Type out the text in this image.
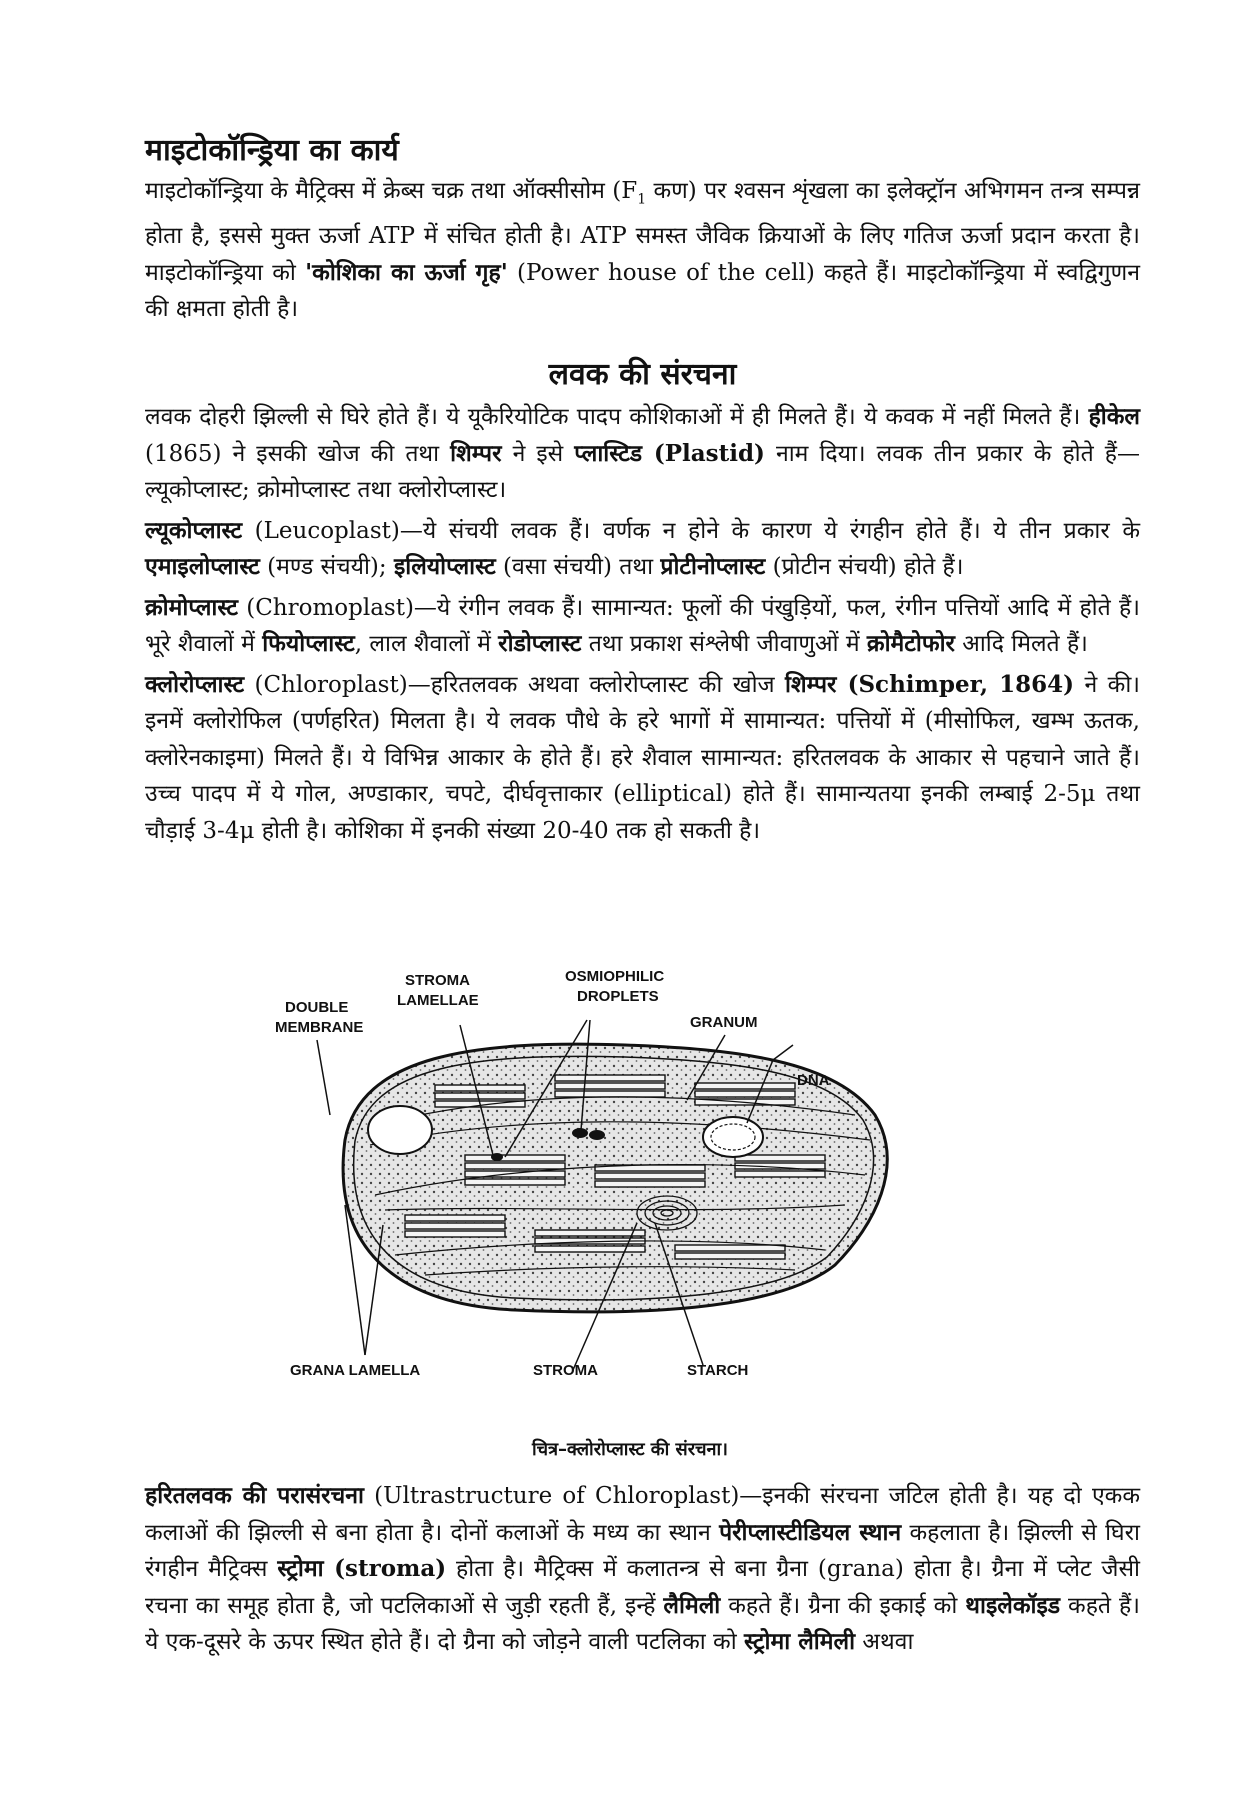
माइटोकॉन्ड्रिया का कार्य

माइटोकॉन्ड्रिया के मैट्रिक्स में क्रेब्स चक्र तथा ऑक्सीसोम ($F_1$ कण) पर श्वसन शृंखला का इलेक्ट्रॉन अभिगमन तन्त्र सम्पन्न होता है, इससे मुक्त ऊर्जा ATP में संचित होती है। ATP समस्त जैविक क्रियाओं के लिए गतिज ऊर्जा प्रदान करता है। माइटोकॉन्ड्रिया को 'कोशिका का ऊर्जा गृह' (Power house of the cell) कहते हैं। माइटोकॉन्ड्रिया में स्वद्विगुणन की क्षमता होती है।

लवक की संरचना

लवक दोहरी झिल्ली से घिरे होते हैं। ये यूकैरियोटिक पादप कोशिकाओं में ही मिलते हैं। ये कवक में नहीं मिलते हैं। हीकेल (1865) ने इसकी खोज की तथा शिम्पर ने इसे प्लास्टिड (Plastid) नाम दिया। लवक तीन प्रकार के होते हैं—ल्यूकोप्लास्ट; क्रोमोप्लास्ट तथा क्लोरोप्लास्ट।

ल्यूकोप्लास्ट (Leucoplast)—ये संचयी लवक हैं। वर्णक न होने के कारण ये रंगहीन होते हैं। ये तीन प्रकार के एमाइलोप्लास्ट (मण्ड संचयी); इलियोप्लास्ट (वसा संचयी) तथा प्रोटीनोप्लास्ट (प्रोटीन संचयी) होते हैं।

क्रोमोप्लास्ट (Chromoplast)—ये रंगीन लवक हैं। सामान्यत: फूलों की पंखुड़ियों, फल, रंगीन पत्तियों आदि में होते हैं। भूरे शैवालों में फियोप्लास्ट, लाल शैवालों में रोडोप्लास्ट तथा प्रकाश संश्लेषी जीवाणुओं में क्रोमैटोफोर आदि मिलते हैं।

क्लोरोप्लास्ट (Chloroplast)—हरितलवक अथवा क्लोरोप्लास्ट की खोज शिम्पर (Schimper, 1864) ने की। इनमें क्लोरोफिल (पर्णहरित) मिलता है। ये लवक पौधे के हरे भागों में सामान्यत: पत्तियों में (मीसोफिल, खम्भ ऊतक, क्लोरेनकाइमा) मिलते हैं। ये विभिन्न आकार के होते हैं। हरे शैवाल सामान्यत: हरितलवक के आकार से पहचाने जाते हैं। उच्च पादप में ये गोल, अण्डाकार, चपटे, दीर्घवृत्ताकार (elliptical) होते हैं। सामान्यतया इनकी लम्बाई 2-5μ तथा चौड़ाई 3-4μ होती है। कोशिका में इनकी संख्या 20-40 तक हो सकती है।

STROMA
LAMELLAE
OSMIOPHILIC
DROPLETS
DOUBLE
MEMBRANE	GRANUM
DNA
GRANA LAMELLA	STROMA	STARCH
चित्र–क्लोरोप्लास्ट की संरचना।

हरितलवक की परासंरचना (Ultrastructure of Chloroplast)—इनकी संरचना जटिल होती है। यह दो एकक कलाओं की झिल्ली से बना होता है। दोनों कलाओं के मध्य का स्थान पेरीप्लास्टीडियल स्थान कहलाता है। झिल्ली से घिरा रंगहीन मैट्रिक्स स्ट्रोमा (stroma) होता है। मैट्रिक्स में कलातन्त्र से बना ग्रैना (grana) होता है। ग्रैना में प्लेट जैसी रचना का समूह होता है, जो पटलिकाओं से जुड़ी रहती हैं, इन्हें लैमिली कहते हैं। ग्रैना की इकाई को थाइलेकॉइड कहते हैं। ये एक-दूसरे के ऊपर स्थित होते हैं। दो ग्रैना को जोड़ने वाली पटलिका को स्ट्रोमा लैमिली अथवा
